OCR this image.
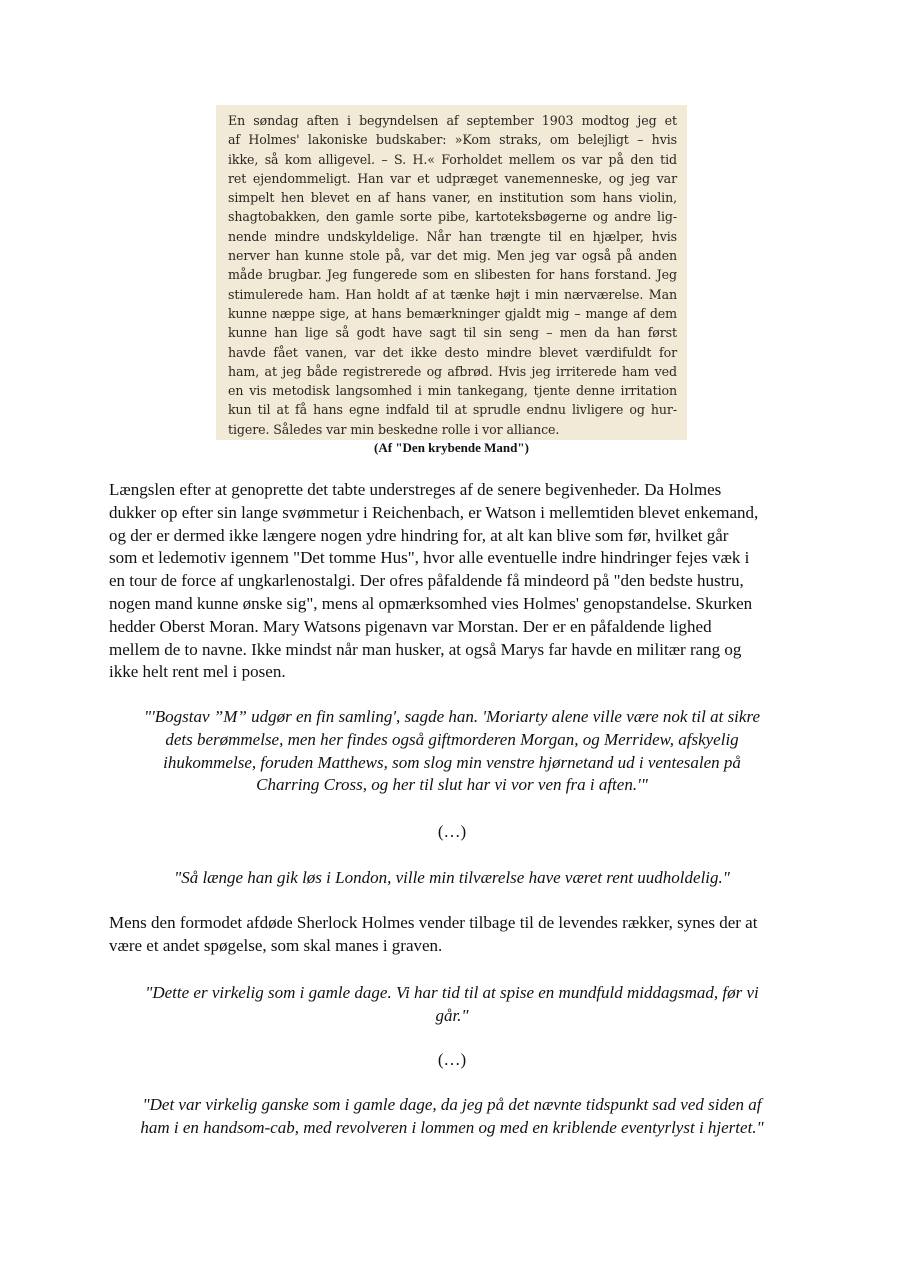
En søndag aften i begyndelsen af september 1903 modtog jeg et
af Holmes' lakoniske budskaber: »Kom straks, om belejligt – hvis
ikke, så kom alligevel. – S. H.« Forholdet mellem os var på den tid
ret ejendommeligt. Han var et udpræget vanemenneske, og jeg var
simpelt hen blevet en af hans vaner, en institution som hans violin,
shagtobakken, den gamle sorte pibe, kartoteksbøgerne og andre lig-
nende mindre undskyldelige. Når han trængte til en hjælper, hvis
nerver han kunne stole på, var det mig. Men jeg var også på anden
måde brugbar. Jeg fungerede som en slibesten for hans forstand. Jeg
stimulerede ham. Han holdt af at tænke højt i min nærværelse. Man
kunne næppe sige, at hans bemærkninger gjaldt mig – mange af dem
kunne han lige så godt have sagt til sin seng – men da han først
havde fået vanen, var det ikke desto mindre blevet værdifuldt for
ham, at jeg både registrerede og afbrød. Hvis jeg irriterede ham ved
en vis metodisk langsomhed i min tankegang, tjente denne irritation
kun til at få hans egne indfald til at sprudle endnu livligere og hur-
tigere. Således var min beskedne rolle i vor alliance.
(Af "Den krybende Mand")
Længslen efter at genoprette det tabte understreges af de senere begivenheder. Da Holmes
dukker op efter sin lange svømmetur i Reichenbach, er Watson i mellemtiden blevet enkemand,
og der er dermed ikke længere nogen ydre hindring for, at alt kan blive som før, hvilket går
som et ledemotiv igennem "Det tomme Hus", hvor alle eventuelle indre hindringer fejes væk i
en tour de force af ungkarlenostalgi. Der ofres påfaldende få mindeord på "den bedste hustru,
nogen mand kunne ønske sig", mens al opmærksomhed vies Holmes' genopstandelse. Skurken
hedder Oberst Moran. Mary Watsons pigenavn var Morstan. Der er en påfaldende lighed
mellem de to navne. Ikke mindst når man husker, at også Marys far havde en militær rang og
ikke helt rent mel i posen.
"'Bogstav ”M” udgør en fin samling', sagde han. 'Moriarty alene ville være nok til at sikre
dets berømmelse, men her findes også giftmorderen Morgan, og Merridew, afskyelig
ihukommelse, foruden Matthews, som slog min venstre hjørnetand ud i ventesalen på
Charring Cross, og her til slut har vi vor ven fra i aften.'"
(…)
"Så længe han gik løs i London, ville min tilværelse have været rent uudholdelig."
Mens den formodet afdøde Sherlock Holmes vender tilbage til de levendes rækker, synes der at
være et andet spøgelse, som skal manes i graven.
"Dette er virkelig som i gamle dage. Vi har tid til at spise en mundfuld middagsmad, før vi
går."
(…)
"Det var virkelig ganske som i gamle dage, da jeg på det nævnte tidspunkt sad ved siden af
ham i en handsom-cab, med revolveren i lommen og med en kriblende eventyrlyst i hjertet."
